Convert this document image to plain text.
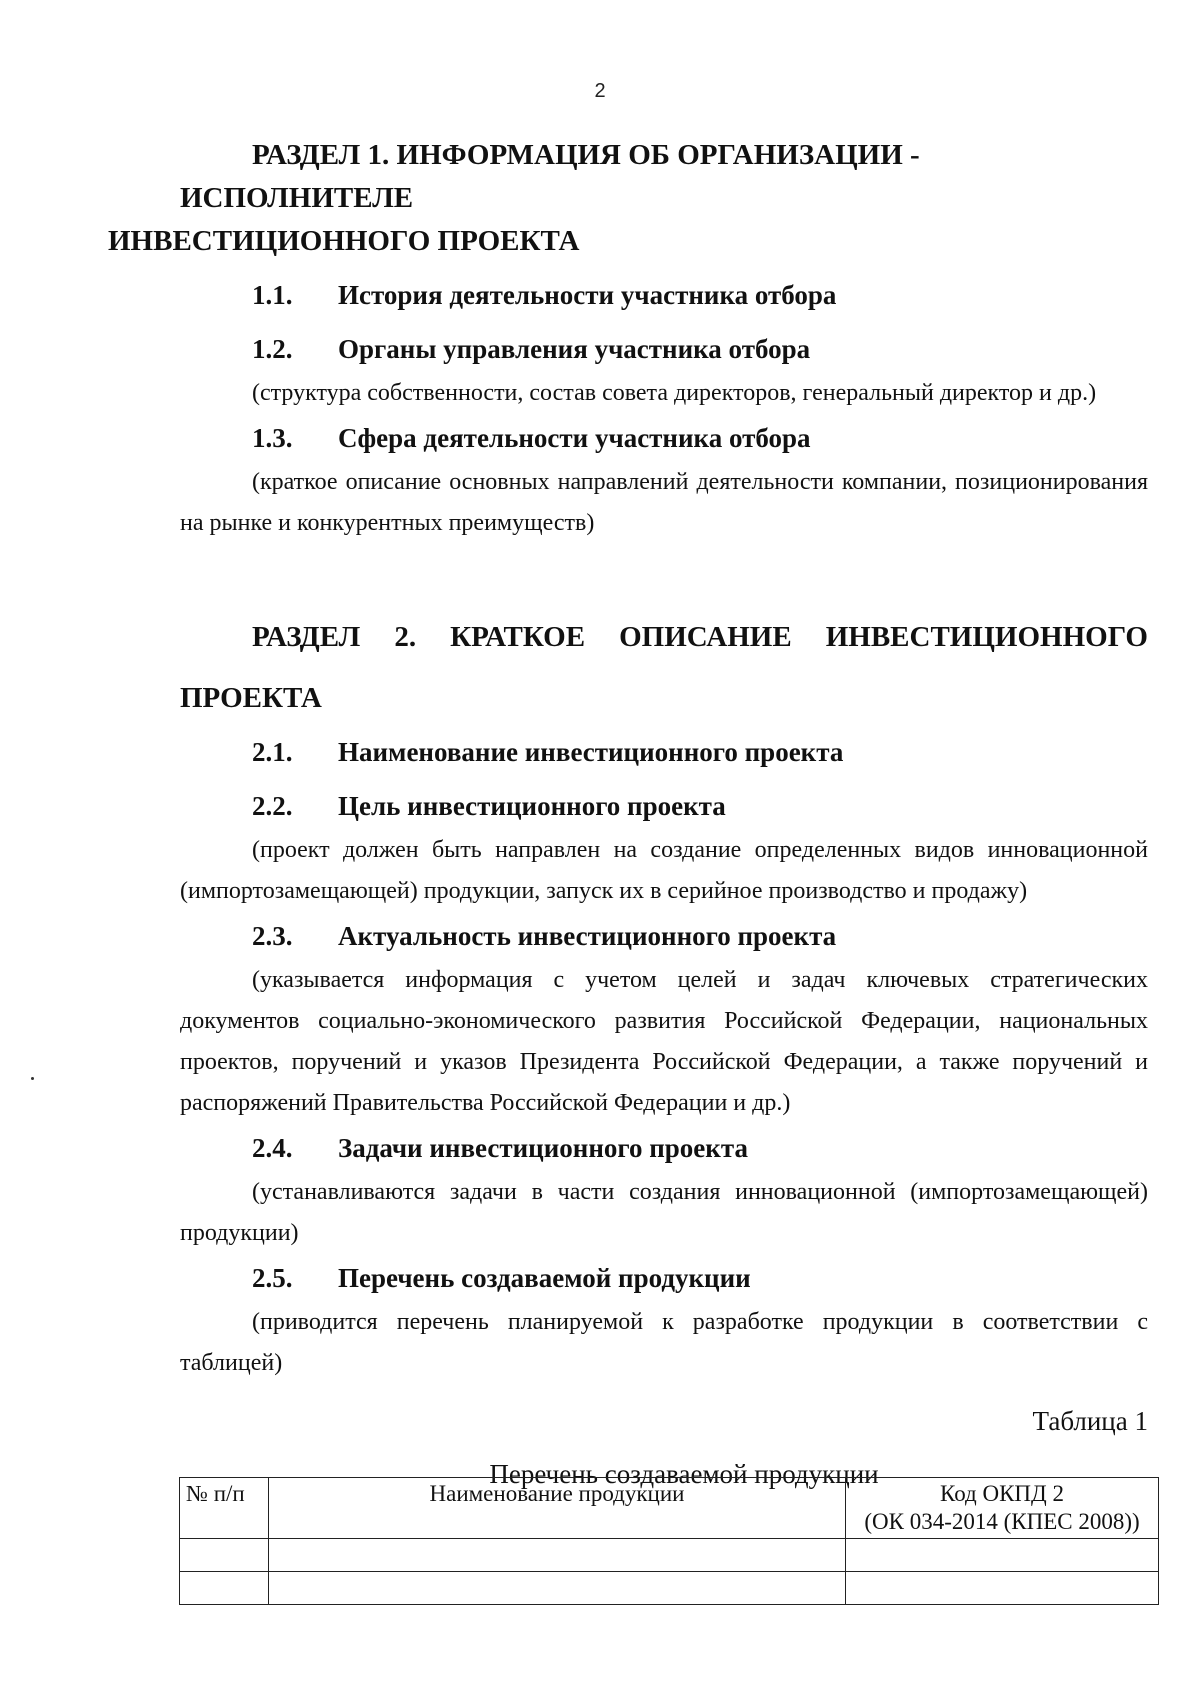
2
РАЗДЕЛ 1. ИНФОРМАЦИЯ ОБ ОРГАНИЗАЦИИ - ИСПОЛНИТЕЛЕ
ИНВЕСТИЦИОННОГО ПРОЕКТА
1.1.	История деятельности участника отбора
1.2.	Органы управления участника отбора

(структура собственности, состав совета директоров, генеральный директор и др.)

1.3.	Сфера деятельности участника отбора

(краткое описание основных направлений деятельности компании, позиционирования на рынке и конкурентных преимуществ)

РАЗДЕЛ 2. КРАТКОЕ ОПИСАНИЕ ИНВЕСТИЦИОННОГО
ПРОЕКТА
2.1.	Наименование инвестиционного проекта
2.2.	Цель инвестиционного проекта

(проект должен быть направлен на создание определенных видов инновационной (импортозамещающей) продукции, запуск их в серийное производство и продажу)

2.3.	Актуальность инвестиционного проекта

(указывается информация с учетом целей и задач ключевых стратегических документов социально-экономического развития Российской Федерации, национальных проектов, поручений и указов Президента Российской Федерации, а также поручений и распоряжений Правительства Российской Федерации и др.)

2.4.	Задачи инвестиционного проекта

(устанавливаются задачи в части создания инновационной (импортозамещающей) продукции)

2.5.	Перечень создаваемой продукции

(приводится перечень планируемой к разработке продукции в соответствии с таблицей)

Таблица 1

Перечень создаваемой продукции

№ п/п	Наименование продукции	Код ОКПД 2
(ОК 034-2014 (КПЕС 2008))
